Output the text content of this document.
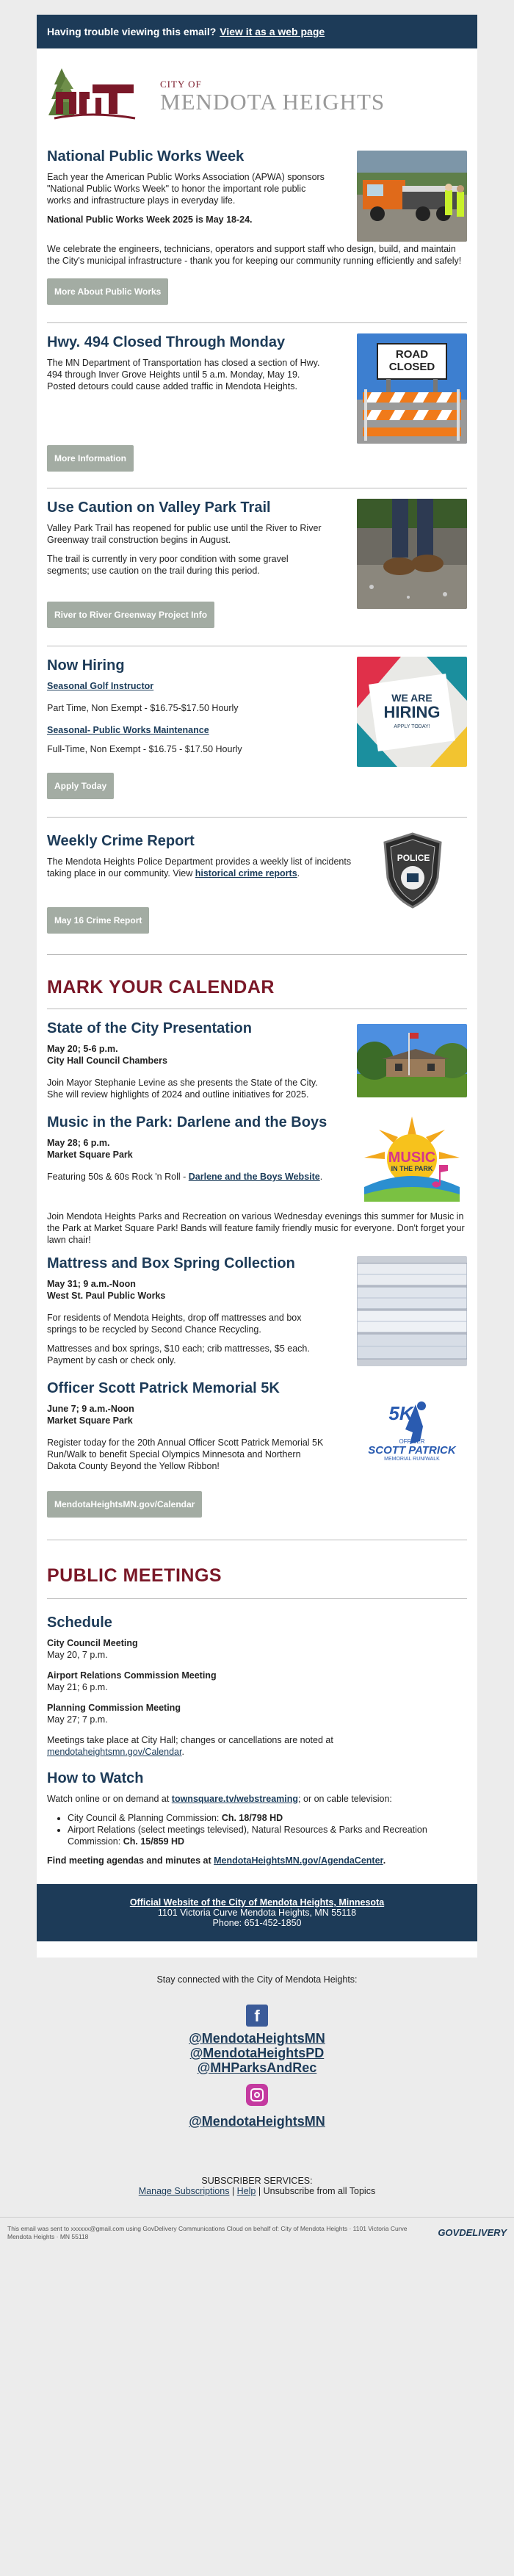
Having trouble viewing this email? View it as a web page
CITY OF
MENDOTA HEIGHTS
National Public Works Week

Each year the American Public Works Association (APWA) sponsors "National Public Works Week" to honor the important role public works and infrastructure plays in everyday life.

National Public Works Week 2025 is May 18-24.

We celebrate the engineers, technicians, operators and support staff who design, build, and maintain the City's municipal infrastructure - thank you for keeping our community running efficiently and safely!

More About Public Works
Hwy. 494 Closed Through Monday

The MN Department of Transportation has closed a section of Hwy. 494 through Inver Grove Heights until 5 a.m. Monday, May 19. Posted detours could cause added traffic in Mendota Heights.

More Information
ROAD
CLOSED
Use Caution on Valley Park Trail

Valley Park Trail has reopened for public use until the River to River Greenway trail construction begins in August.

The trail is currently in very poor condition with some gravel segments; use caution on the trail during this period.

River to River Greenway Project Info
Now Hiring

Seasonal Golf Instructor

Part Time, Non Exempt - $16.75-$17.50 Hourly

Seasonal- Public Works Maintenance

Full-Time, Non Exempt - $16.75 - $17.50 Hourly

Apply Today
WE ARE
HIRING
APPLY TODAY!
Weekly Crime Report

The Mendota Heights Police Department provides a weekly list of incidents taking place in our community. View historical crime reports.

May 16 Crime Report
POLICE
MARK YOUR CALENDAR
State of the City Presentation

May 20; 5-6 p.m.

City Hall Council Chambers

Join Mayor Stephanie Levine as she presents the State of the City. She will review highlights of 2024 and outline initiatives for 2025.

Music in the Park: Darlene and the Boys

May 28; 6 p.m.

Market Square Park

Featuring 50s & 60s Rock 'n Roll - Darlene and the Boys Website.

MUSIC
IN THE PARK

Join Mendota Heights Parks and Recreation on various Wednesday evenings this summer for Music in the Park at Market Square Park! Bands will feature family friendly music for everyone. Don't forget your lawn chair!

Mattress and Box Spring Collection

May 31; 9 a.m.-Noon

West St. Paul Public Works

For residents of Mendota Heights, drop off mattresses and box springs to be recycled by Second Chance Recycling.

Mattresses and box springs, $10 each; crib mattresses, $5 each. Payment by cash or check only.

Officer Scott Patrick Memorial 5K

June 7; 9 a.m.-Noon

Market Square Park

Register today for the 20th Annual Officer Scott Patrick Memorial 5K Run/Walk to benefit Special Olympics Minnesota and Northern Dakota County Beyond the Yellow Ribbon!

5K
OFFICER
SCOTT PATRICK
MEMORIAL RUN/WALK
MendotaHeightsMN.gov/Calendar
PUBLIC MEETINGS
Schedule

City Council Meeting

May 20, 7 p.m.

Airport Relations Commission Meeting

May 21; 6 p.m.

Planning Commission Meeting

May 27; 7 p.m.

Meetings take place at City Hall; changes or cancellations are noted at mendotaheightsmn.gov/Calendar.

How to Watch

Watch online or on demand at townsquare.tv/webstreaming; or on cable television:

• City Council & Planning Commission: Ch. 18/798 HD
• Airport Relations (select meetings televised), Natural Resources & Parks and Recreation Commission: Ch. 15/859 HD

Find meeting agendas and minutes at MendotaHeightsMN.gov/AgendaCenter.

Official Website of the City of Mendota Heights, Minnesota
1101 Victoria Curve Mendota Heights, MN 55118
Phone: 651-452-1850

Stay connected with the City of Mendota Heights:

f
@MendotaHeightsMN
@MendotaHeightsPD
@MHParksAndRec
@MendotaHeightsMN
SUBSCRIBER SERVICES:
Manage Subscriptions | Help | Unsubscribe from all Topics
This email was sent to xxxxxx@gmail.com using GovDelivery Communications Cloud on behalf of: City of Mendota Heights · 1101 Victoria Curve Mendota Heights · MN 55118	GOVDELIVERY
